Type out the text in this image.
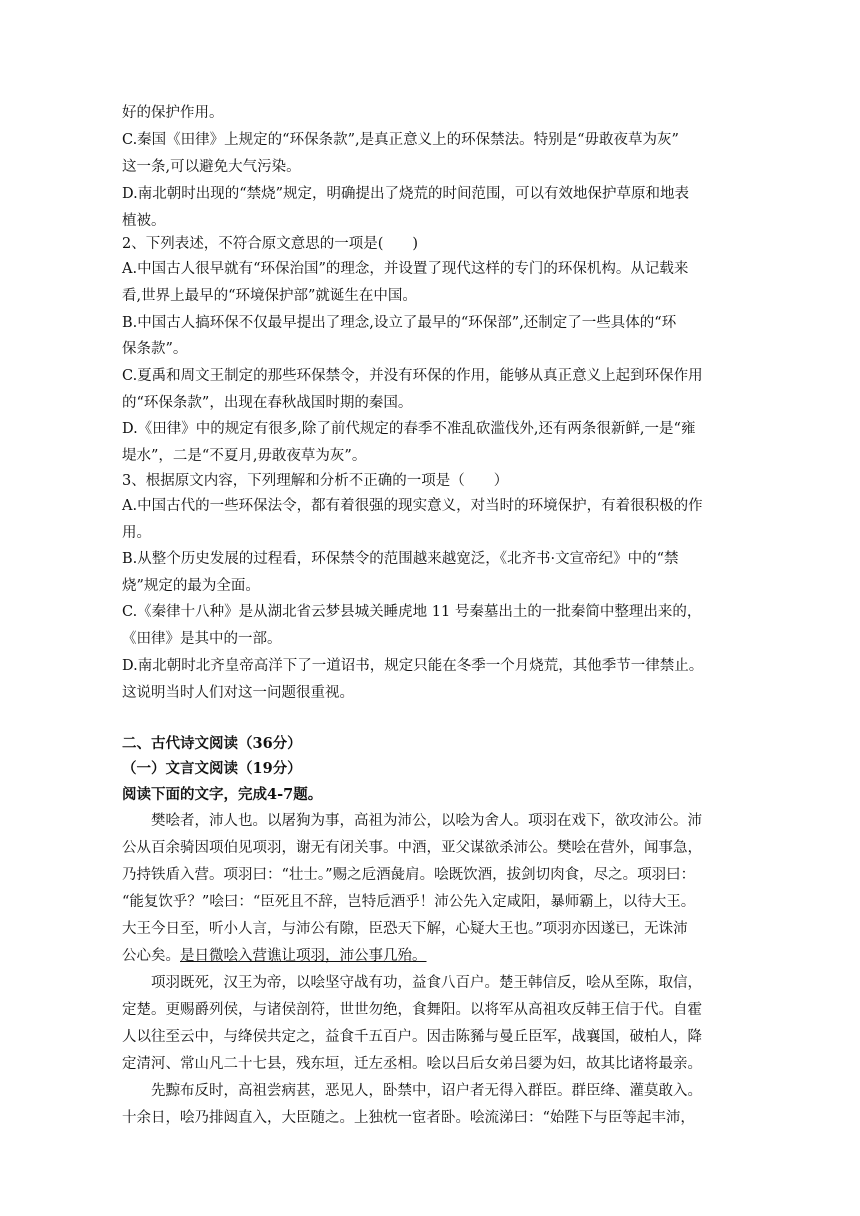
好的保护作用。
C.秦国《田律》上规定的“环保条款”,是真正意义上的环保禁法。特别是“毋敢夜草为灰”
这一条,可以避免大气污染。
D.南北朝时出现的“禁烧”规定，明确提出了烧荒的时间范围，可以有效地保护草原和地表
植被。
2、下列表述，不符合原文意思的一项是(　　)
A.中国古人很早就有“环保治国”的理念，并设置了现代这样的专门的环保机构。从记载来
看,世界上最早的“环境保护部”就诞生在中国。
B.中国古人搞环保不仅最早提出了理念,设立了最早的“环保部”,还制定了一些具体的“环
保条款”。
C.夏禹和周文王制定的那些环保禁令，并没有环保的作用，能够从真正意义上起到环保作用
的“环保条款”，出现在春秋战国时期的秦国。
D.《田律》中的规定有很多,除了前代规定的春季不准乱砍滥伐外,还有两条很新鲜,一是“雍
堤水”，二是“不夏月,毋敢夜草为灰”。
3、根据原文内容，下列理解和分析不正确的一项是（　　）
A.中国古代的一些环保法令，都有着很强的现实意义，对当时的环境保护，有着很积极的作
用。
B.从整个历史发展的过程看，环保禁令的范围越来越宽泛，《北齐书·文宣帝纪》中的“禁
烧”规定的最为全面。
C.《秦律十八种》是从湖北省云梦县城关睡虎地 11 号秦墓出土的一批秦简中整理出来的，
《田律》是其中的一部。
D.南北朝时北齐皇帝高洋下了一道诏书，规定只能在冬季一个月烧荒，其他季节一律禁止。
这说明当时人们对这一问题很重视。
二、古代诗文阅读（36分）
（一）文言文阅读（19分）
阅读下面的文字，完成4-7题。
樊哙者，沛人也。以屠狗为事，高祖为沛公，以哙为舍人。项羽在戏下，欲攻沛公。沛
公从百余骑因项伯见项羽，谢无有闭关事。中酒，亚父谋欲杀沛公。樊哙在营外，闻事急，
乃持铁盾入营。项羽曰：“壮士。”赐之卮酒彘肩。哙既饮酒，拔剑切肉食，尽之。项羽曰：
“能复饮乎？”哙曰：“臣死且不辞，岂特卮酒乎！沛公先入定咸阳，暴师霸上，以待大王。
大王今日至，听小人言，与沛公有隙，臣恐天下解，心疑大王也。”项羽亦因遂已，无诛沛
公心矣。是日微哙入营谯让项羽，沛公事几殆。
项羽既死，汉王为帝，以哙坚守战有功，益食八百户。楚王韩信反，哙从至陈，取信，
定楚。更赐爵列侯，与诸侯剖符，世世勿绝，食舞阳。以将军从高祖攻反韩王信于代。自霍
人以往至云中，与绛侯共定之，益食千五百户。因击陈豨与曼丘臣军，战襄国，破柏人，降
定清河、常山凡二十七县，残东垣，迁左丞相。哙以吕后女弟吕媭为妇，故其比诸将最亲。
先黥布反时，高祖尝病甚，恶见人，卧禁中，诏户者无得入群臣。群臣绛、灌莫敢入。
十余日，哙乃排闼直入，大臣随之。上独枕一宦者卧。哙流涕曰：“始陛下与臣等起丰沛，
